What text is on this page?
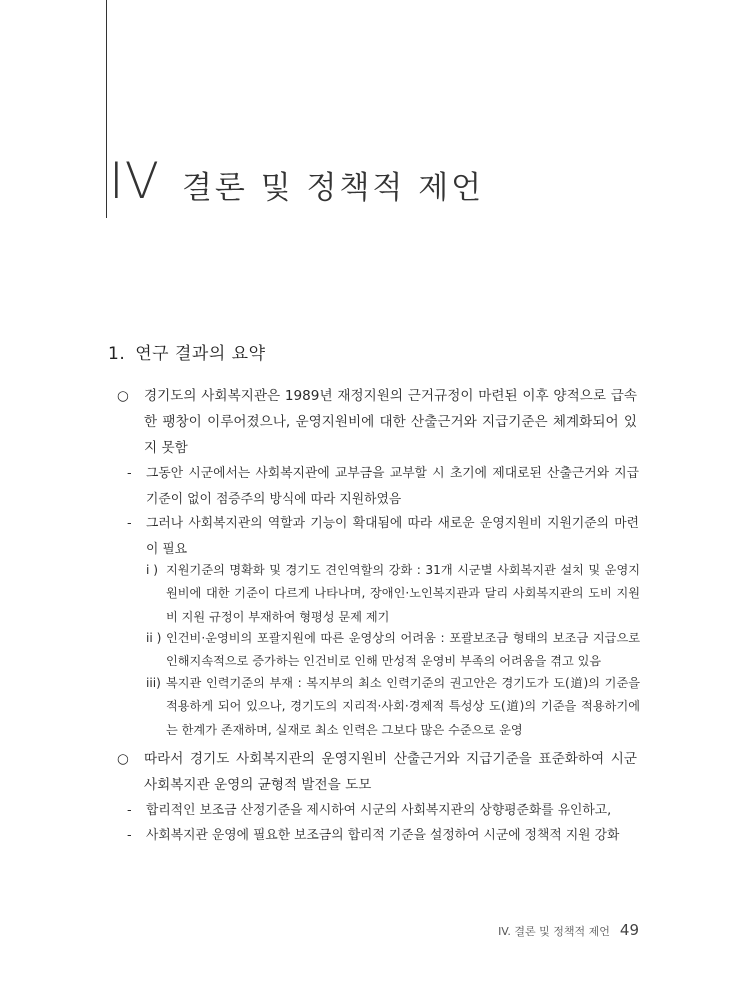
IV 결론 및 정책적 제언
1. 연구 결과의 요약
○ 경기도의 사회복지관은 1989년 재정지원의 근거규정이 마련된 이후 양적으로 급속한 팽창이 이루어졌으나, 운영지원비에 대한 산출근거와 지급기준은 체계화되어 있지 못함
- 그동안 시군에서는 사회복지관에 교부금을 교부할 시 초기에 제대로된 산출근거와 지급기준이 없이 점증주의 방식에 따라 지원하였음
- 그러나 사회복지관의 역할과 기능이 확대됨에 따라 새로운 운영지원비 지원기준의 마련이 필요
i ) 지원기준의 명확화 및 경기도 견인역할의 강화 : 31개 시군별 사회복지관 설치 및 운영지원비에 대한 기준이 다르게 나타나며, 장애인·노인복지관과 달리 사회복지관의 도비 지원비 지원 규정이 부재하여 형평성 문제 제기
ii ) 인건비·운영비의 포괄지원에 따른 운영상의 어려움 : 포괄보조금 형태의 보조금 지급으로 인해지속적으로 증가하는 인건비로 인해 만성적 운영비 부족의 어려움을 겪고 있음
iii) 복지관 인력기준의 부재 : 복지부의 최소 인력기준의 권고안은 경기도가 도(道)의 기준을 적용하게 되어 있으나, 경기도의 지리적·사회·경제적 특성상 도(道)의 기준을 적용하기에는 한계가 존재하며, 실재로 최소 인력은 그보다 많은 수준으로 운영
○ 따라서 경기도 사회복지관의 운영지원비 산출근거와 지급기준을 표준화하여 시군 사회복지관 운영의 균형적 발전을 도모
- 합리적인 보조금 산정기준을 제시하여 시군의 사회복지관의 상향평준화를 유인하고,
- 사회복지관 운영에 필요한 보조금의 합리적 기준을 설정하여 시군에 정책적 지원 강화
IV. 결론 및 정책적 제언 49
